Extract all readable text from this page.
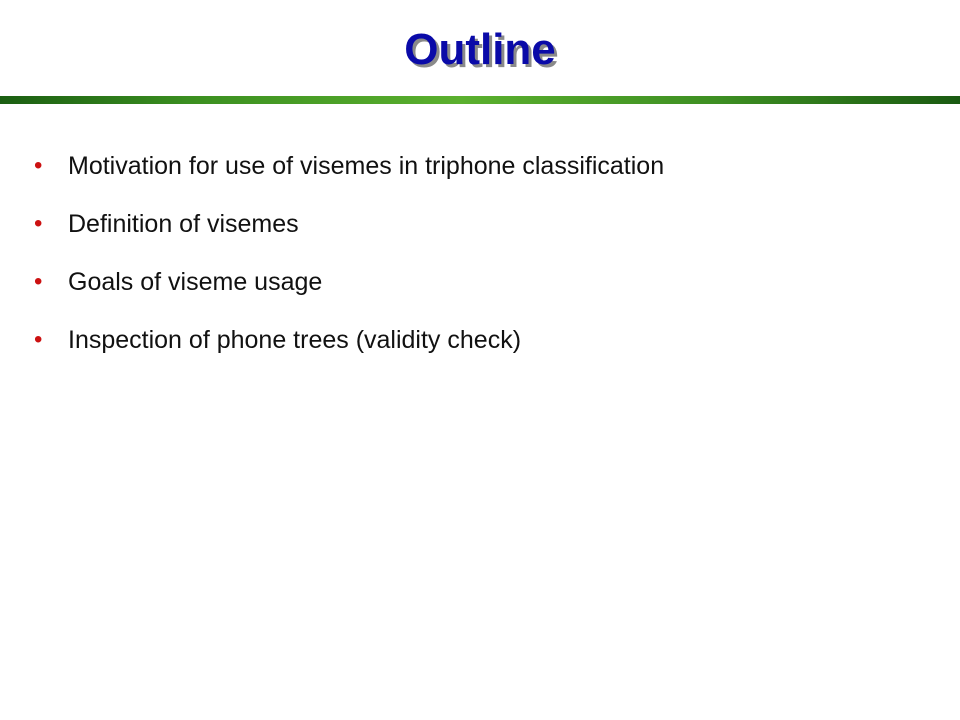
Outline
• Motivation for use of visemes in triphone classification
• Definition of visemes
• Goals of viseme usage
• Inspection of phone trees (validity check)
